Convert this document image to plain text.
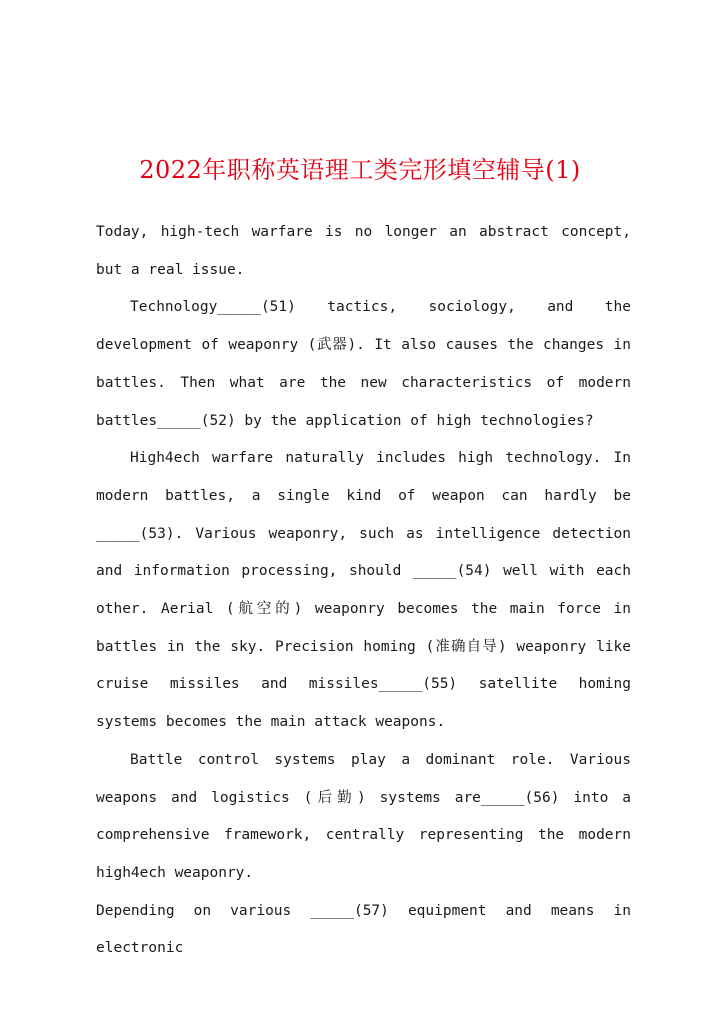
2022年职称英语理工类完形填空辅导(1)

Today, high-tech warfare is no longer an abstract concept, but a real issue.

Technology_____(51) tactics, sociology, and the development of weaponry (武器). It also causes the changes in battles. Then what are the new characteristics of modern battles_____(52) by the application of high technologies?

High4ech warfare naturally includes high technology. In modern battles, a single kind of weapon can hardly be _____(53). Various weaponry, such as intelligence detection and information processing, should _____(54) well with each other. Aerial (航空的) weaponry becomes the main force in battles in the sky. Precision homing (准确自导) weaponry like cruise missiles and missiles_____(55) satellite homing systems becomes the main attack weapons.

Battle control systems play a dominant role. Various weapons and logistics (后勤) systems are_____(56) into a comprehensive framework, centrally representing the modern high4ech weaponry.

Depending on various _____(57) equipment and means in electronic
